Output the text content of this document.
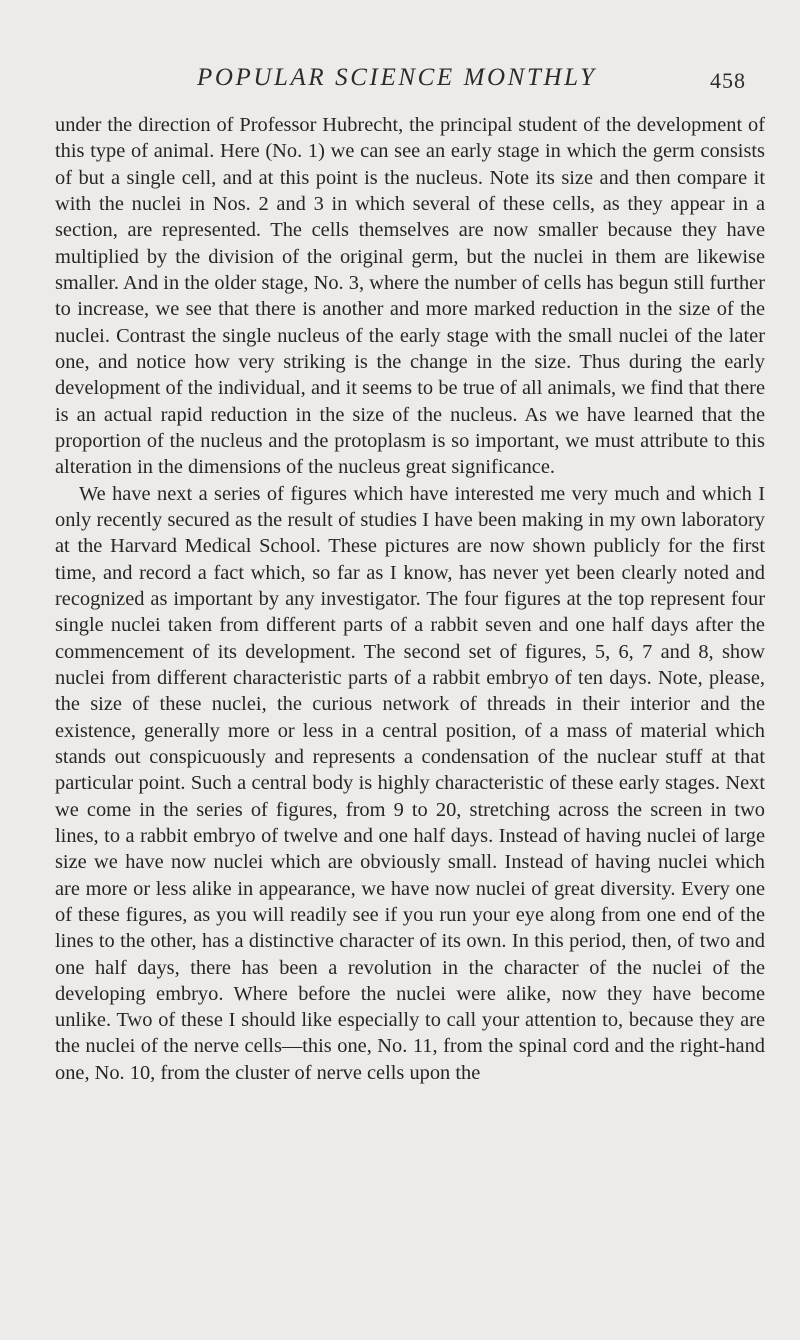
POPULAR SCIENCE MONTHLY	458

under the direction of Professor Hubrecht, the principal student of the development of this type of animal. Here (No. 1) we can see an early stage in which the germ consists of but a single cell, and at this point is the nucleus. Note its size and then compare it with the nuclei in Nos. 2 and 3 in which several of these cells, as they appear in a section, are represented. The cells themselves are now smaller because they have multiplied by the division of the original germ, but the nuclei in them are likewise smaller. And in the older stage, No. 3, where the number of cells has begun still further to increase, we see that there is another and more marked reduction in the size of the nuclei. Contrast the single nucleus of the early stage with the small nuclei of the later one, and notice how very striking is the change in the size. Thus during the early development of the individual, and it seems to be true of all animals, we find that there is an actual rapid reduction in the size of the nucleus. As we have learned that the proportion of the nucleus and the protoplasm is so important, we must attribute to this alteration in the dimensions of the nucleus great significance.

We have next a series of figures which have interested me very much and which I only recently secured as the result of studies I have been making in my own laboratory at the Harvard Medical School. These pictures are now shown publicly for the first time, and record a fact which, so far as I know, has never yet been clearly noted and recognized as important by any investigator. The four figures at the top represent four single nuclei taken from different parts of a rabbit seven and one half days after the commencement of its development. The second set of figures, 5, 6, 7 and 8, show nuclei from different characteristic parts of a rabbit embryo of ten days. Note, please, the size of these nuclei, the curious network of threads in their interior and the existence, generally more or less in a central position, of a mass of material which stands out conspicuously and represents a condensation of the nuclear stuff at that particular point. Such a central body is highly characteristic of these early stages. Next we come in the series of figures, from 9 to 20, stretching across the screen in two lines, to a rabbit embryo of twelve and one half days. Instead of having nuclei of large size we have now nuclei which are obviously small. Instead of having nuclei which are more or less alike in appearance, we have now nuclei of great diversity. Every one of these figures, as you will readily see if you run your eye along from one end of the lines to the other, has a distinctive character of its own. In this period, then, of two and one half days, there has been a revolution in the character of the nuclei of the developing embryo. Where before the nuclei were alike, now they have become unlike. Two of these I should like especially to call your attention to, because they are the nuclei of the nerve cells—this one, No. 11, from the spinal cord and the right-hand one, No. 10, from the cluster of nerve cells upon the
